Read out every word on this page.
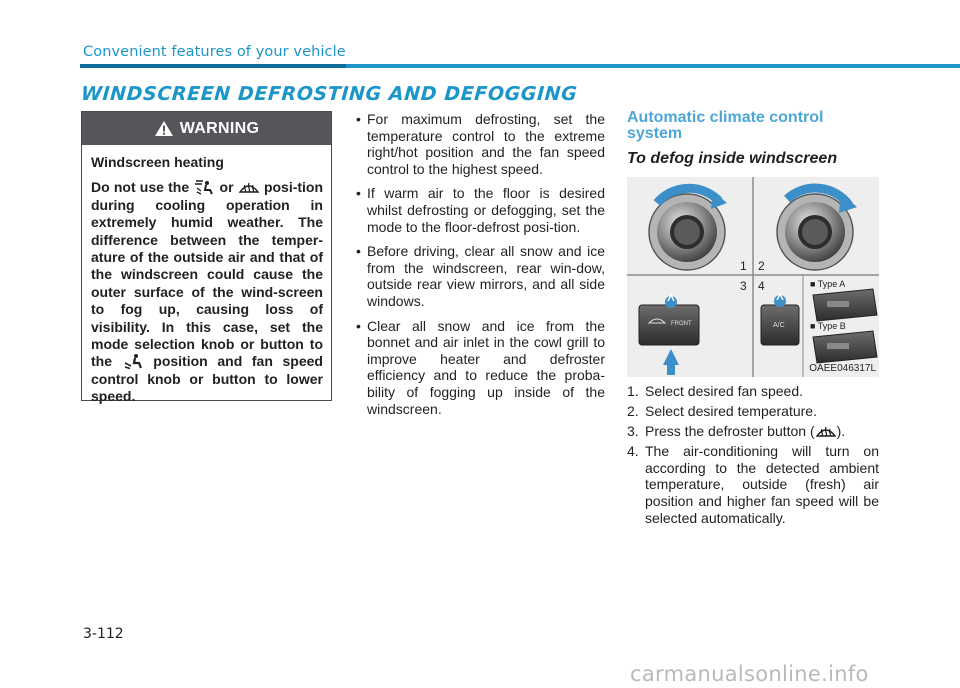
Convenient features of your vehicle
WINDSCREEN DEFROSTING AND DEFOGGING
WARNING
Windscreen heating
Do not use the or posi-tion during cooling operation in extremely humid weather. The difference between the temper-ature of the outside air and that of the windscreen could cause the outer surface of the wind-screen to fog up, causing loss of visibility. In this case, set the mode selection knob or button to the	position and fan speed control knob or button to lower speed.
• For maximum defrosting, set the temperature control to the extreme right/hot position and the fan speed control to the highest speed.
• If warm air to the floor is desired whilst defrosting or defogging, set the mode to the floor-defrost posi-tion.
• Before driving, clear all snow and ice from the windscreen, rear win-dow, outside rear view mirrors, and all side windows.
• Clear all snow and ice from the bonnet and air inlet in the cowl grill to improve heater and defroster efficiency and to reduce the proba-bility of fogging up inside of the windscreen.
Automatic climate control system
To defog inside windscreen
1 2
3 4
FRONT	A/C
■ Type A
■ Type B
OAEE046317L
1. Select desired fan speed.
2. Select desired temperature.
3. Press the defroster button ( ).
4. The air-conditioning will turn on according to the detected ambient temperature, outside (fresh) air position and higher fan speed will be selected automatically.
3-112
carmanualsonline.info
